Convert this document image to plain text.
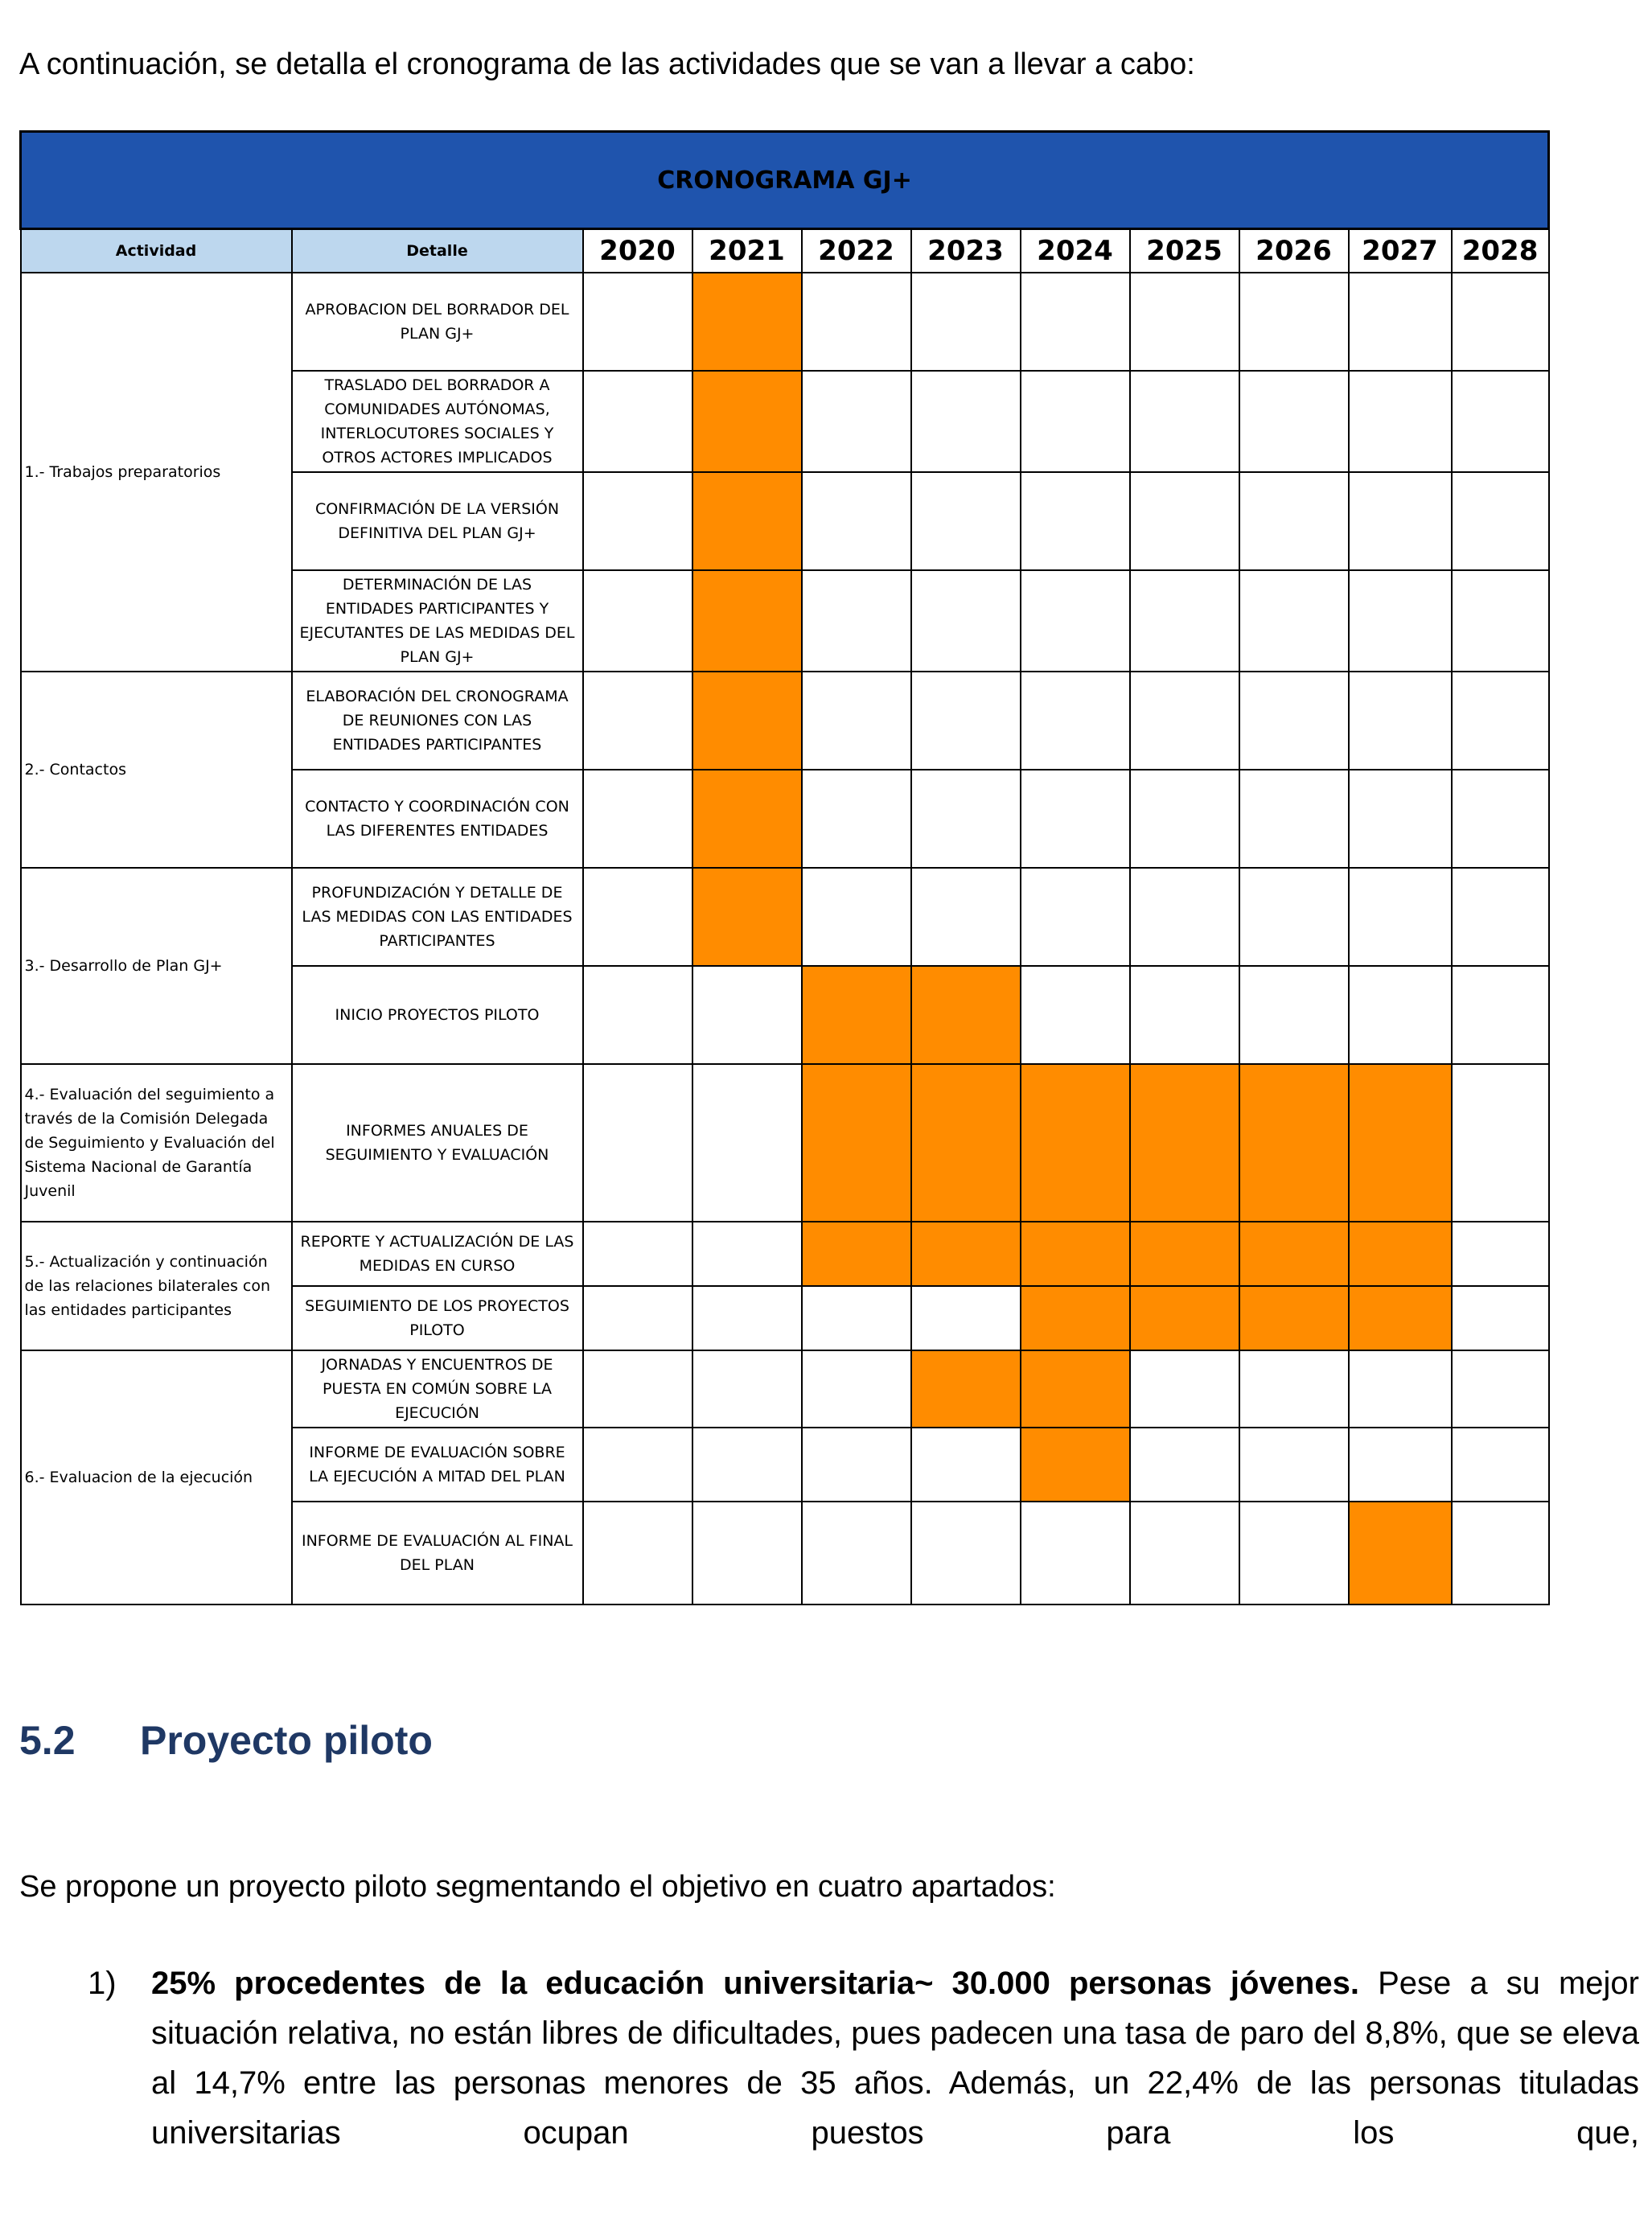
A continuación, se detalla el cronograma de las actividades que se van a llevar a cabo:
CRONOGRAMA GJ+										
Actividad	Detalle	2020	2021	2022	2023	2024	2025	2026	2027	2028
1.- Trabajos preparatorios	APROBACION DEL BORRADOR DEL PLAN GJ+									
	TRASLADO DEL BORRADOR A COMUNIDADES AUTÓNOMAS, INTERLOCUTORES SOCIALES Y OTROS ACTORES IMPLICADOS									
	CONFIRMACIÓN DE LA VERSIÓN DEFINITIVA DEL PLAN GJ+									
	DETERMINACIÓN DE LAS ENTIDADES PARTICIPANTES Y EJECUTANTES DE LAS MEDIDAS DEL PLAN GJ+									
2.- Contactos	ELABORACIÓN DEL CRONOGRAMA DE REUNIONES CON LAS ENTIDADES PARTICIPANTES									
	CONTACTO Y COORDINACIÓN CON LAS DIFERENTES ENTIDADES									
3.- Desarrollo de Plan GJ+	PROFUNDIZACIÓN Y DETALLE DE LAS MEDIDAS CON LAS ENTIDADES PARTICIPANTES									
	INICIO PROYECTOS PILOTO									
4.- Evaluación del seguimiento a través de la Comisión Delegada de Seguimiento y Evaluación del Sistema Nacional de Garantía Juvenil	INFORMES ANUALES DE SEGUIMIENTO Y EVALUACIÓN									
5.- Actualización y continuación de las relaciones bilaterales con las entidades participantes	REPORTE Y ACTUALIZACIÓN DE LAS MEDIDAS EN CURSO									
	SEGUIMIENTO DE LOS PROYECTOS PILOTO									
6.- Evaluacion de la ejecución	JORNADAS Y ENCUENTROS DE PUESTA EN COMÚN SOBRE LA EJECUCIÓN									
	INFORME DE EVALUACIÓN SOBRE LA EJECUCIÓN A MITAD DEL PLAN									
	INFORME DE EVALUACIÓN AL FINAL DEL PLAN									
5.2 Proyecto piloto
Se propone un proyecto piloto segmentando el objetivo en cuatro apartados:
1) 25% procedentes de la educación universitaria~ 30.000 personas jóvenes. Pese a su mejor situación relativa, no están libres de dificultades, pues padecen una tasa de paro del 8,8%, que se eleva al 14,7% entre las personas menores de 35 años. Además, un 22,4% de las personas tituladas universitarias ocupan puestos para los que,
